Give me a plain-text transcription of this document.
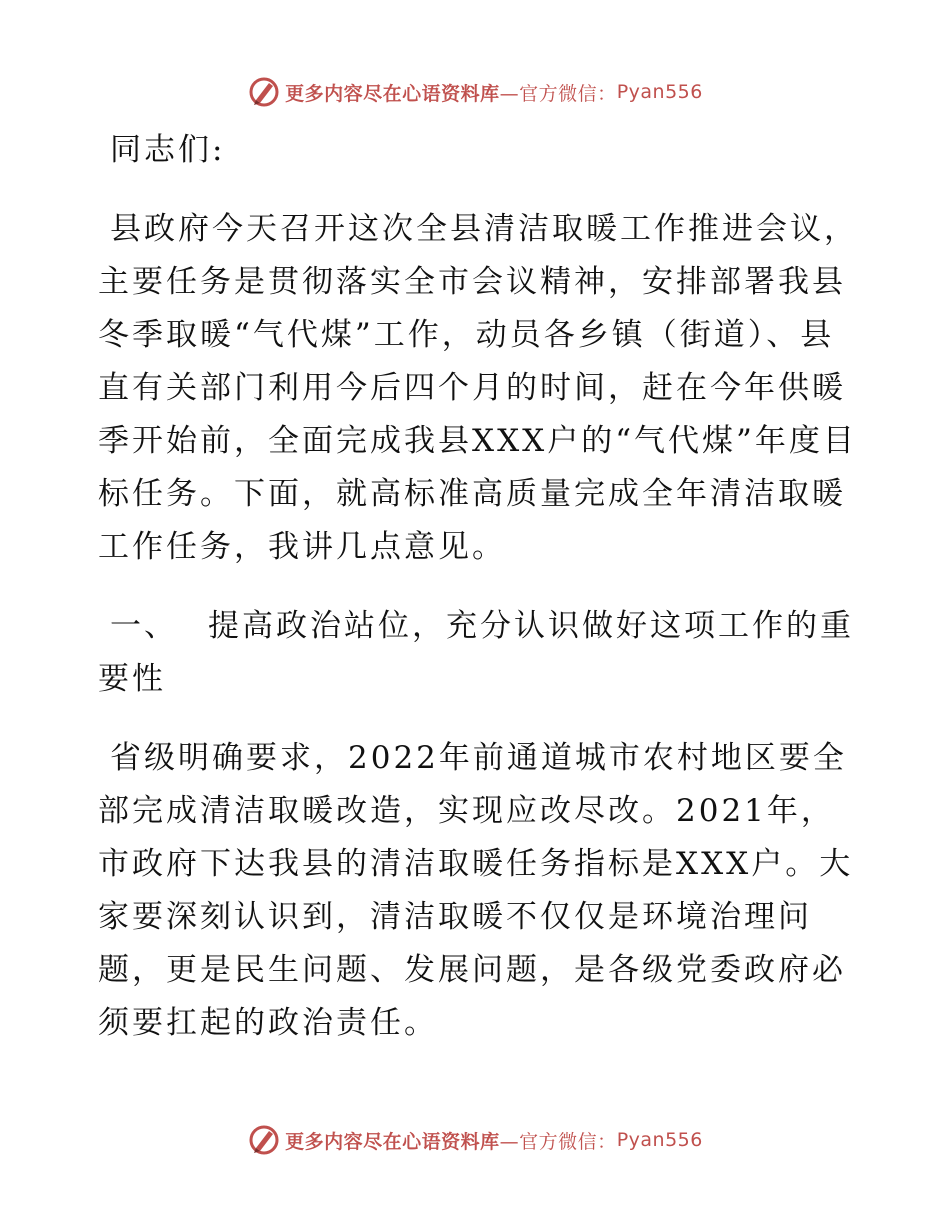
更多内容尽在心语资料库 —官方微信： Pyan556

同志们:

县政府今天召开这次全县清洁取暖工作推进会议，主要任务是贯彻落实全市会议精神，安排部署我县冬季取暖“气代煤”工作，动员各乡镇（街道）、县直有关部门利用今后四个月的时间，赶在今年供暖季开始前，全面完成我县XXX户的“气代煤”年度目标任务。下面，就高标准高质量完成全年清洁取暖工作任务，我讲几点意见。

一、 提高政治站位，充分认识做好这项工作的重要性

省级明确要求，2022年前通道城市农村地区要全部完成清洁取暖改造，实现应改尽改。2021年，市政府下达我县的清洁取暖任务指标是XXX户。大家要深刻认识到，清洁取暖不仅仅是环境治理问题，更是民生问题、发展问题，是各级党委政府必须要扛起的政治责任。

更多内容尽在心语资料库 —官方微信： Pyan556
